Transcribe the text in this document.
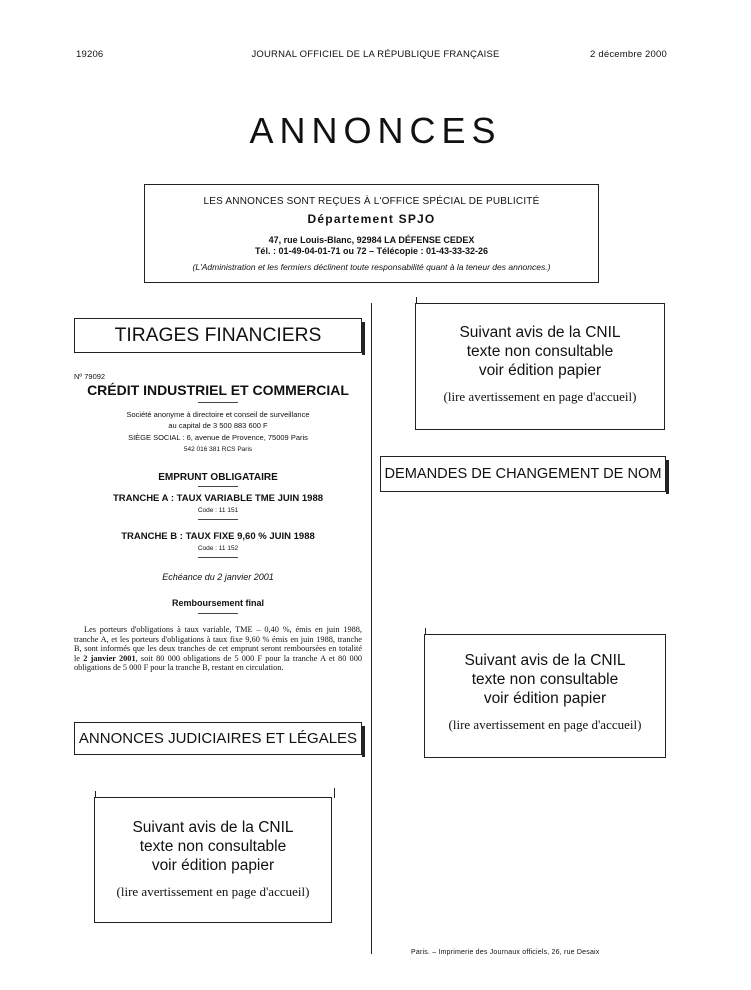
19206	JOURNAL OFFICIEL DE LA RÉPUBLIQUE FRANÇAISE	2 décembre 2000
ANNONCES
LES ANNONCES SONT REÇUES À L'OFFICE SPÉCIAL DE PUBLICITÉ
Département SPJO
47, rue Louis-Blanc, 92984 LA DÉFENSE CEDEX
Tél. : 01-49-04-01-71 ou 72 – Télécopie : 01-43-33-32-26
(L'Administration et les fermiers déclinent toute responsabilité quant à la teneur des annonces.)
TIRAGES FINANCIERS
Nº 79092
CRÉDIT INDUSTRIEL ET COMMERCIAL
Société anonyme à directoire et conseil de surveillance
au capital de 3 500 883 600 F
SIÈGE SOCIAL : 6, avenue de Provence, 75009 Paris
542 016 381 RCS Paris
EMPRUNT OBLIGATAIRE
TRANCHE A : TAUX VARIABLE TME JUIN 1988
Code : 11 151
TRANCHE B : TAUX FIXE 9,60 % JUIN 1988
Code : 11 152
Echéance du 2 janvier 2001
Remboursement final
Les porteurs d'obligations à taux variable, TME – 0,40 %, émis en juin 1988, tranche A, et les porteurs d'obligations à taux fixe 9,60 % émis en juin 1988, tranche B, sont informés que les deux tranches de cet emprunt seront remboursées en totalité le 2 janvier 2001, soit 80 000 obligations de 5 000 F pour la tranche A et 80 000 obligations de 5 000 F pour la tranche B, restant en circulation.
ANNONCES JUDICIAIRES ET LÉGALES
Suivant avis de la CNIL
texte non consultable
voir édition papier
(lire avertissement en page d'accueil)
Suivant avis de la CNIL
texte non consultable
voir édition papier
(lire avertissement en page d'accueil)
DEMANDES DE CHANGEMENT DE NOM
Suivant avis de la CNIL
texte non consultable
voir édition papier
(lire avertissement en page d'accueil)
Paris. – Imprimerie des Journaux officiels, 26, rue Desaix
